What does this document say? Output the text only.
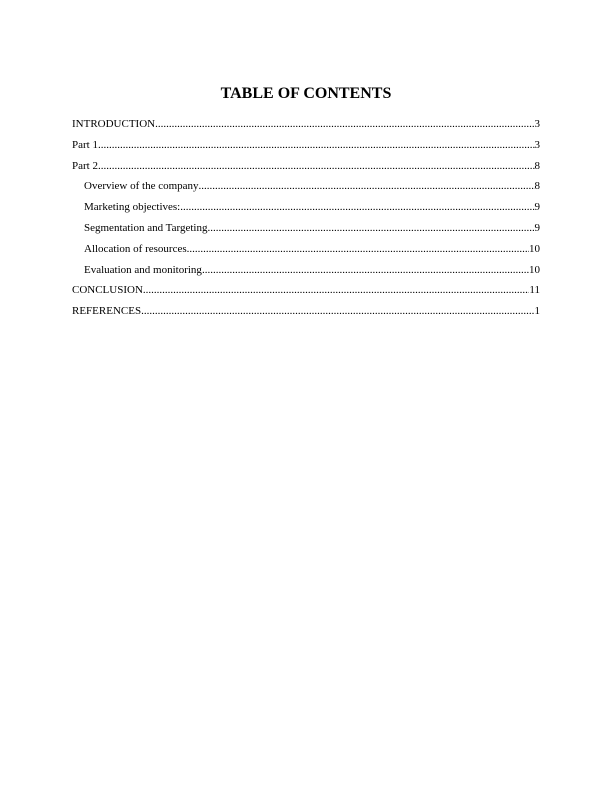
TABLE OF CONTENTS
INTRODUCTION .....	3
Part 1 .....	3
Part 2 .....	8
Overview of the company .....	8
Marketing objectives: .....	9
Segmentation and Targeting .....	9
Allocation of resources .....	10
Evaluation and monitoring .....	10
CONCLUSION .....	11
REFERENCES .....	1
